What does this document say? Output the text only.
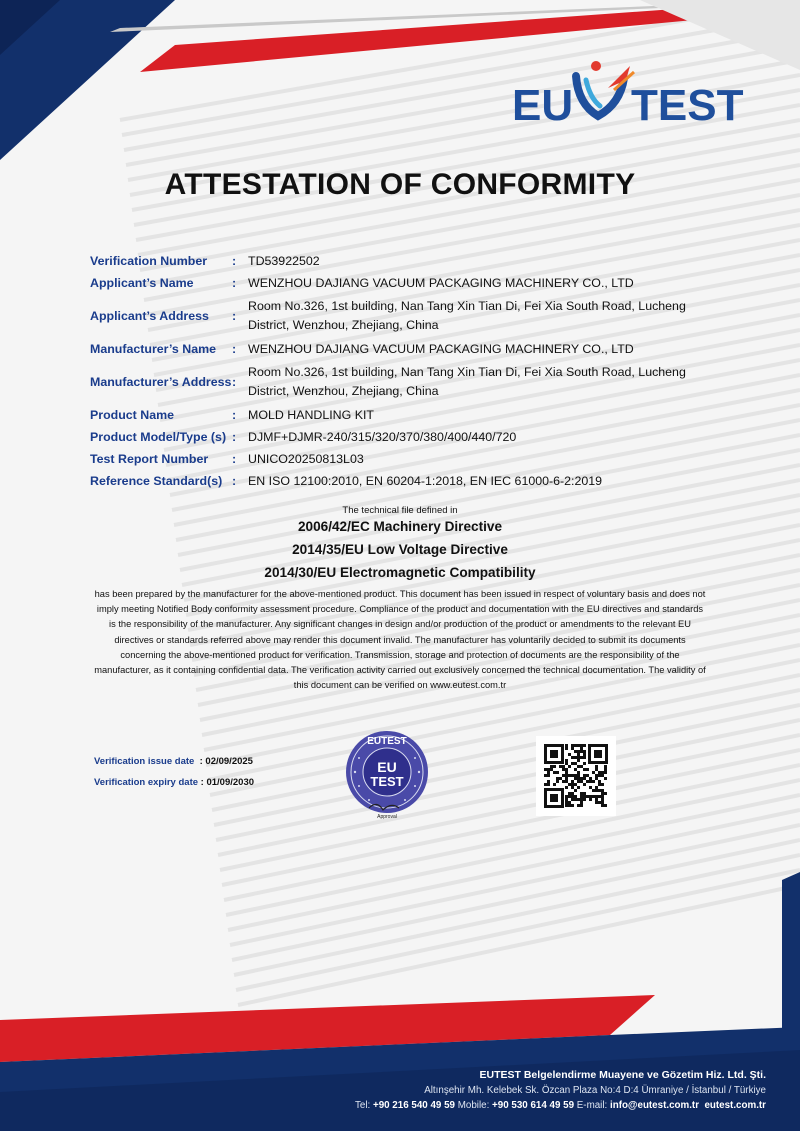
EU TEST
ATTESTATION OF CONFORMITY
Verification Number	: TD53922502
Applicant’s Name	: WENZHOU DAJIANG VACUUM PACKAGING MACHINERY CO., LTD
Applicant’s Address	:
Room No.326, 1st building, Nan Tang Xin Tian Di, Fei Xia South Road, Lucheng District, Wenzhou, Zhejiang, China
Manufacturer’s Name	: WENZHOU DAJIANG VACUUM PACKAGING MACHINERY CO., LTD
Manufacturer’s Address :
Room No.326, 1st building, Nan Tang Xin Tian Di, Fei Xia South Road, Lucheng District, Wenzhou, Zhejiang, China
Product Name	: MOLD HANDLING KIT
Product Model/Type (s) : DJMF+DJMR-240/315/320/370/380/400/440/720
Test Report Number	: UNICO20250813L03
Reference Standard(s) : EN ISO 12100:2010, EN 60204-1:2018, EN IEC 61000-6-2:2019
The technical file defined in
2006/42/EC Machinery Directive
2014/35/EU Low Voltage Directive
2014/30/EU Electromagnetic Compatibility
has been prepared by the manufacturer for the above-mentioned product. This document has been issued in respect of voluntary basis and does not imply meeting Notified Body conformity assessment procedure. Compliance of the product and documentation with the EU directives and standards is the responsibility of the manufacturer. Any significant changes in design and/or production of the product or amendments to the relevant EU directives or standards referred above may render this document invalid. The manufacturer has voluntarily decided to submit its documents concerning the above-mentioned product for verification. Transmission, storage and protection of documents are the responsibility of the manufacturer, as it containing confidential data. The verification activity carried out exclusively concerned the technical documentation. The validity of this document can be verified on www.eutest.com.tr
Verification issue date : 02/09/2025
Verification expiry date : 01/09/2030
EUTEST
EU
TEST
Approval
EUTEST Belgelendirme Muayene ve Gözetim Hiz. Ltd. Şti.
Altınşehir Mh. Kelebek Sk. Özcan Plaza No:4 D:4 Ümraniye / İstanbul / Türkiye
Tel: +90 216 540 49 59 Mobile: +90 530 614 49 59 E-mail: info@eutest.com.tr eutest.com.tr
